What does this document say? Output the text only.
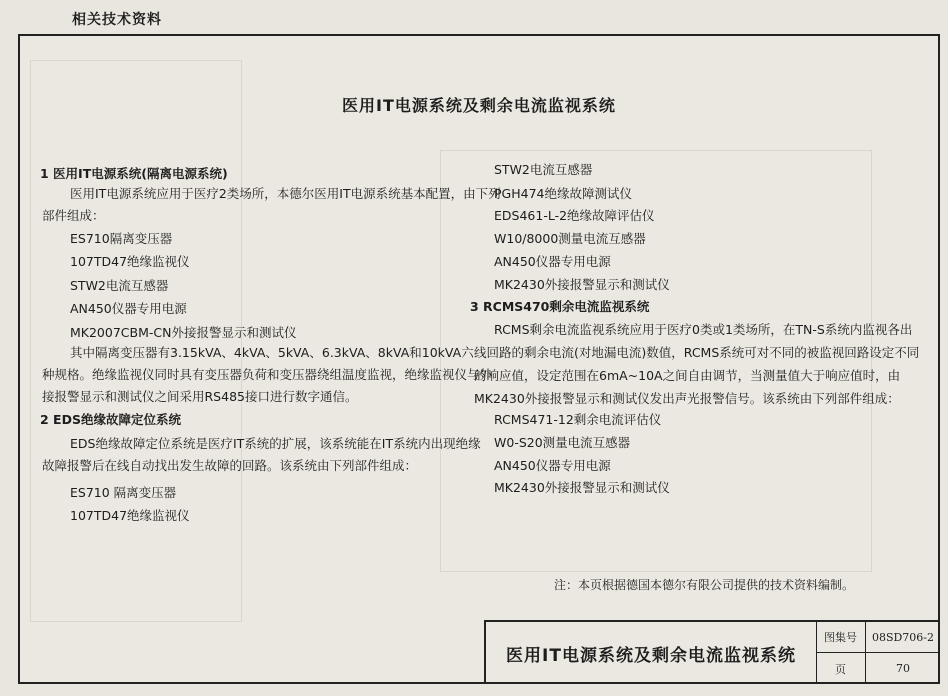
相关技术资料
医用IT电源系统及剩余电流监视系统
1 医用IT电源系统(隔离电源系统)
医用IT电源系统应用于医疗2类场所，本德尔医用IT电源系统基本配置，由下列
部件组成：
ES710隔离变压器
107TD47绝缘监视仪
STW2电流互感器
AN450仪器专用电源
MK2007CBM-CN外接报警显示和测试仪
其中隔离变压器有3.15kVA、4kVA、5kVA、6.3kVA、8kVA和10kVA六
种规格。绝缘监视仪同时具有变压器负荷和变压器绕组温度监视，绝缘监视仪与外
接报警显示和测试仪之间采用RS485接口进行数字通信。
2 EDS绝缘故障定位系统
EDS绝缘故障定位系统是医疗IT系统的扩展，该系统能在IT系统内出现绝缘
故障报警后在线自动找出发生故障的回路。该系统由下列部件组成：
ES710 隔离变压器
107TD47绝缘监视仪
STW2电流互感器
PGH474绝缘故障测试仪
EDS461-L-2绝缘故障评估仪
W10/8000测量电流互感器
AN450仪器专用电源
MK2430外接报警显示和测试仪
3 RCMS470剩余电流监视系统
RCMS剩余电流监视系统应用于医疗0类或1类场所，在TN-S系统内监视各出
线回路的剩余电流(对地漏电流)数值，RCMS系统可对不同的被监视回路设定不同
的响应值，设定范围在6mA~10A之间自由调节，当测量值大于响应值时，由
MK2430外接报警显示和测试仪发出声光报警信号。该系统由下列部件组成：
RCMS471-12剩余电流评估仪
W0-S20测量电流互感器
AN450仪器专用电源
MK2430外接报警显示和测试仪
注：本页根据德国本德尔有限公司提供的技术资料编制。
医用IT电源系统及剩余电流监视系统
图集号	08SD706-2
页	70
